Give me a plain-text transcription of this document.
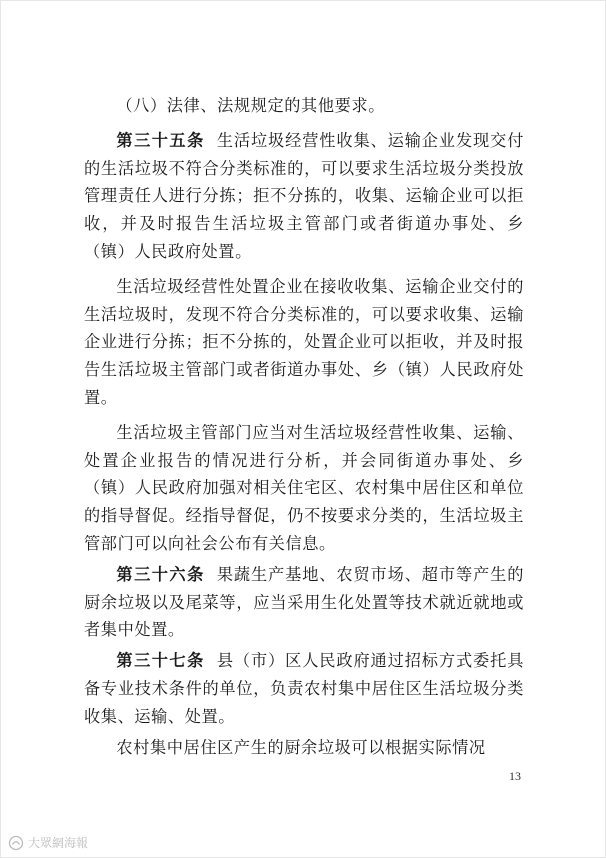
（八）法律、法规规定的其他要求。

第三十五条 生活垃圾经营性收集、运输企业发现交付的生活垃圾不符合分类标准的，可以要求生活垃圾分类投放管理责任人进行分拣；拒不分拣的，收集、运输企业可以拒收，并及时报告生活垃圾主管部门或者街道办事处、乡（镇）人民政府处置。

生活垃圾经营性处置企业在接收收集、运输企业交付的生活垃圾时，发现不符合分类标准的，可以要求收集、运输企业进行分拣；拒不分拣的，处置企业可以拒收，并及时报告生活垃圾主管部门或者街道办事处、乡（镇）人民政府处置。

生活垃圾主管部门应当对生活垃圾经营性收集、运输、处置企业报告的情况进行分析，并会同街道办事处、乡（镇）人民政府加强对相关住宅区、农村集中居住区和单位的指导督促。经指导督促，仍不按要求分类的，生活垃圾主管部门可以向社会公布有关信息。

第三十六条 果蔬生产基地、农贸市场、超市等产生的厨余垃圾以及尾菜等，应当采用生化处置等技术就近就地或者集中处置。

第三十七条 县（市）区人民政府通过招标方式委托具备专业技术条件的单位，负责农村集中居住区生活垃圾分类收集、运输、处置。

农村集中居住区产生的厨余垃圾可以根据实际情况

13
大眾網海報
